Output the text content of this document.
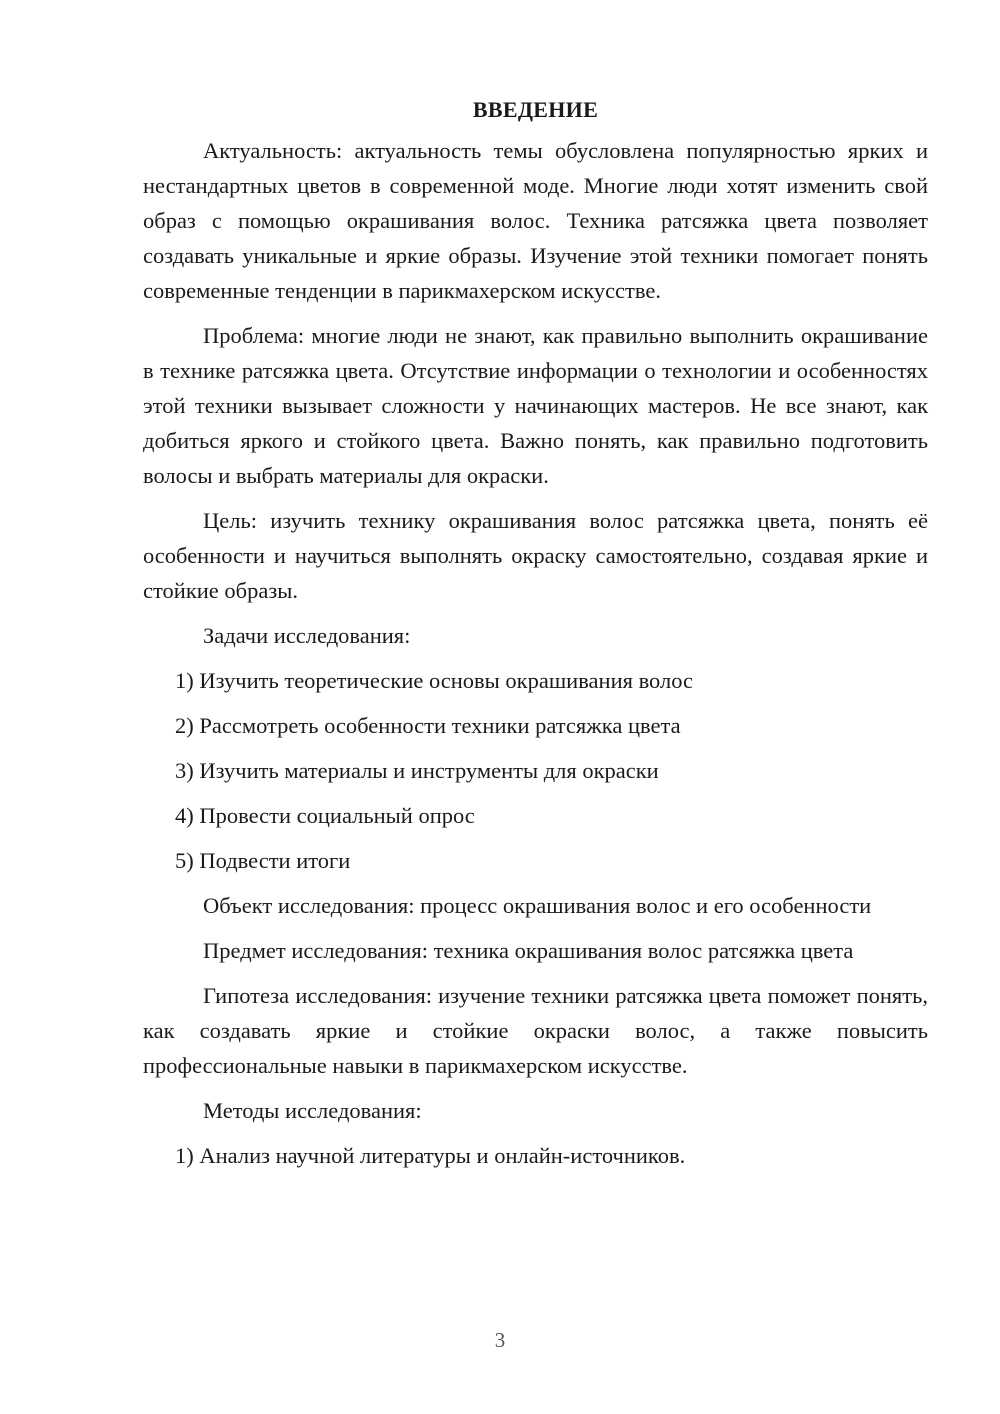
ВВЕДЕНИЕ

Актуальность: актуальность темы обусловлена популярностью ярких и нестандартных цветов в современной моде. Многие люди хотят изменить свой образ с помощью окрашивания волос. Техника ратсяжка цвета позволяет создавать уникальные и яркие образы. Изучение этой техники помогает понять современные тенденции в парикмахерском искусстве.

Проблема: многие люди не знают, как правильно выполнить окрашивание в технике ратсяжка цвета. Отсутствие информации о технологии и особенностях этой техники вызывает сложности у начинающих мастеров. Не все знают, как добиться яркого и стойкого цвета. Важно понять, как правильно подготовить волосы и выбрать материалы для окраски.

Цель: изучить технику окрашивания волос ратсяжка цвета, понять её особенности и научиться выполнять окраску самостоятельно, создавая яркие и стойкие образы.

Задачи исследования:

1) Изучить теоретические основы окрашивания волос

2) Рассмотреть особенности техники ратсяжка цвета

3) Изучить материалы и инструменты для окраски

4) Провести социальный опрос

5) Подвести итоги

Объект исследования: процесс окрашивания волос и его особенности

Предмет исследования: техника окрашивания волос ратсяжка цвета

Гипотеза исследования: изучение техники ратсяжка цвета поможет понять, как создавать яркие и стойкие окраски волос, а также повысить профессиональные навыки в парикмахерском искусстве.

Методы исследования:

1) Анализ научной литературы и онлайн-источников.

3
